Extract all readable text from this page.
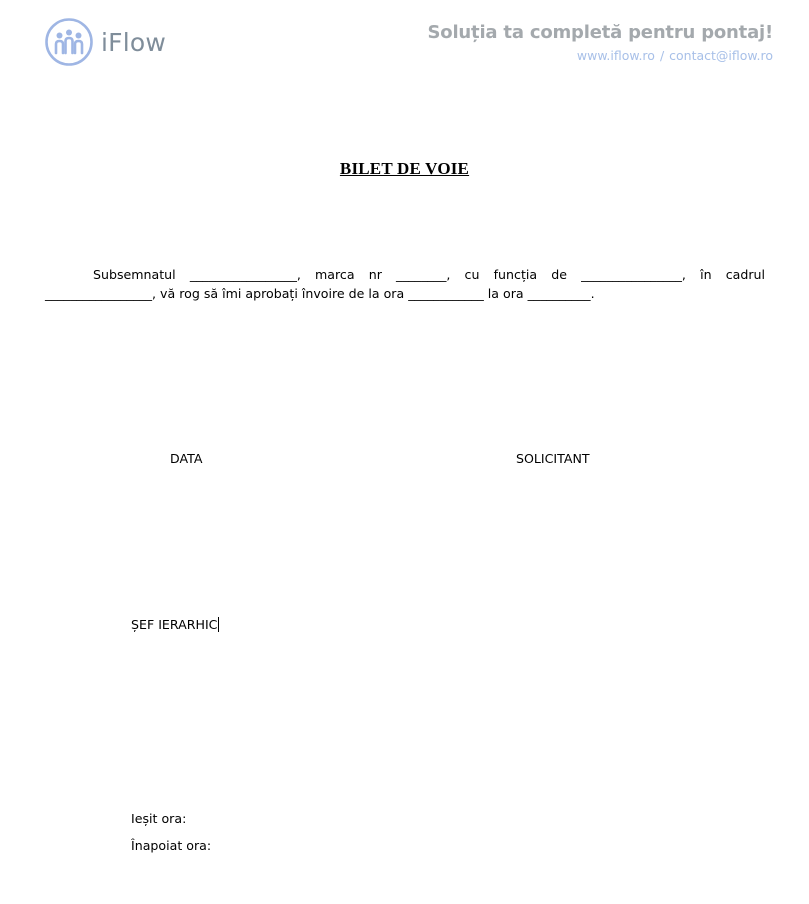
iFlow	Soluția ta completă pentru pontaj!
www.iflow.ro / contact@iflow.ro
BILET DE VOIE

Subsemnatul _________________, marca nr ________, cu funcția de ________________, în cadrul _________________, vă rog să îmi aprobați învoire de la ora ____________ la ora __________.

DATA	SOLICITANT
ȘEF IERARHIC
Ieșit ora:
Înapoiat ora:
